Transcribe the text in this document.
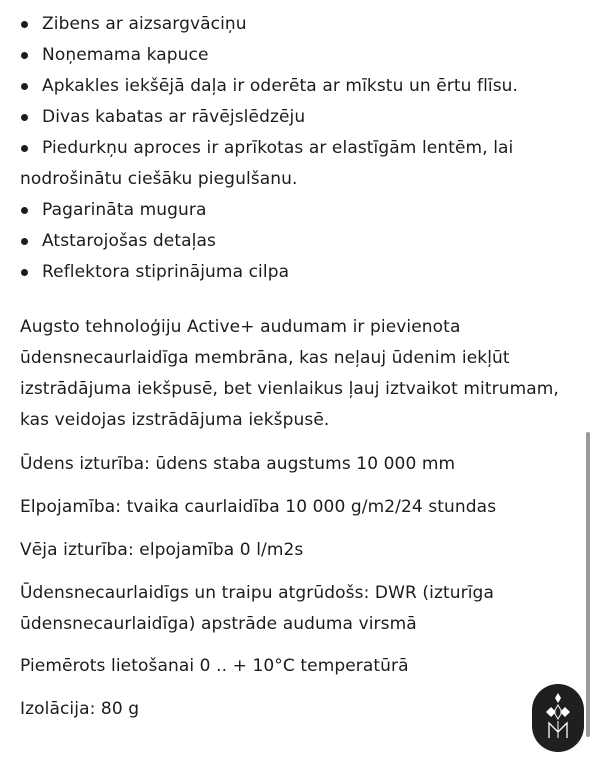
Zibens ar aizsargvāciņu
Noņemama kapuce
Apkakles iekšējā daļa ir oderēta ar mīkstu un ērtu flīsu.
Divas kabatas ar rāvējslēdzēju
Piedurkņu aproces ir aprīkotas ar elastīgām lentēm, lai nodrošinātu ciešāku piegulšanu.
Pagarināta mugura
Atstarojošas detaļas
Reflektora stiprinājuma cilpa

Augsto tehnoloģiju Active+ audumam ir pievienota ūdensnecaurlaidīga membrāna, kas neļauj ūdenim iekļūt izstrādājuma iekšpusē, bet vienlaikus ļauj iztvaikot mitrumam, kas veidojas izstrādājuma iekšpusē.

Ūdens izturība: ūdens staba augstums 10 000 mm

Elpojamība: tvaika caurlaidība 10 000 g/m2/24 stundas

Vēja izturība: elpojamība 0 l/m2s

Ūdensnecaurlaidīgs un traipu atgrūdošs: DWR (izturīga ūdensnecaurlaidīga) apstrāde auduma virsmā

Piemērots lietošanai 0 .. + 10°C temperatūrā

Izolācija: 80 g
